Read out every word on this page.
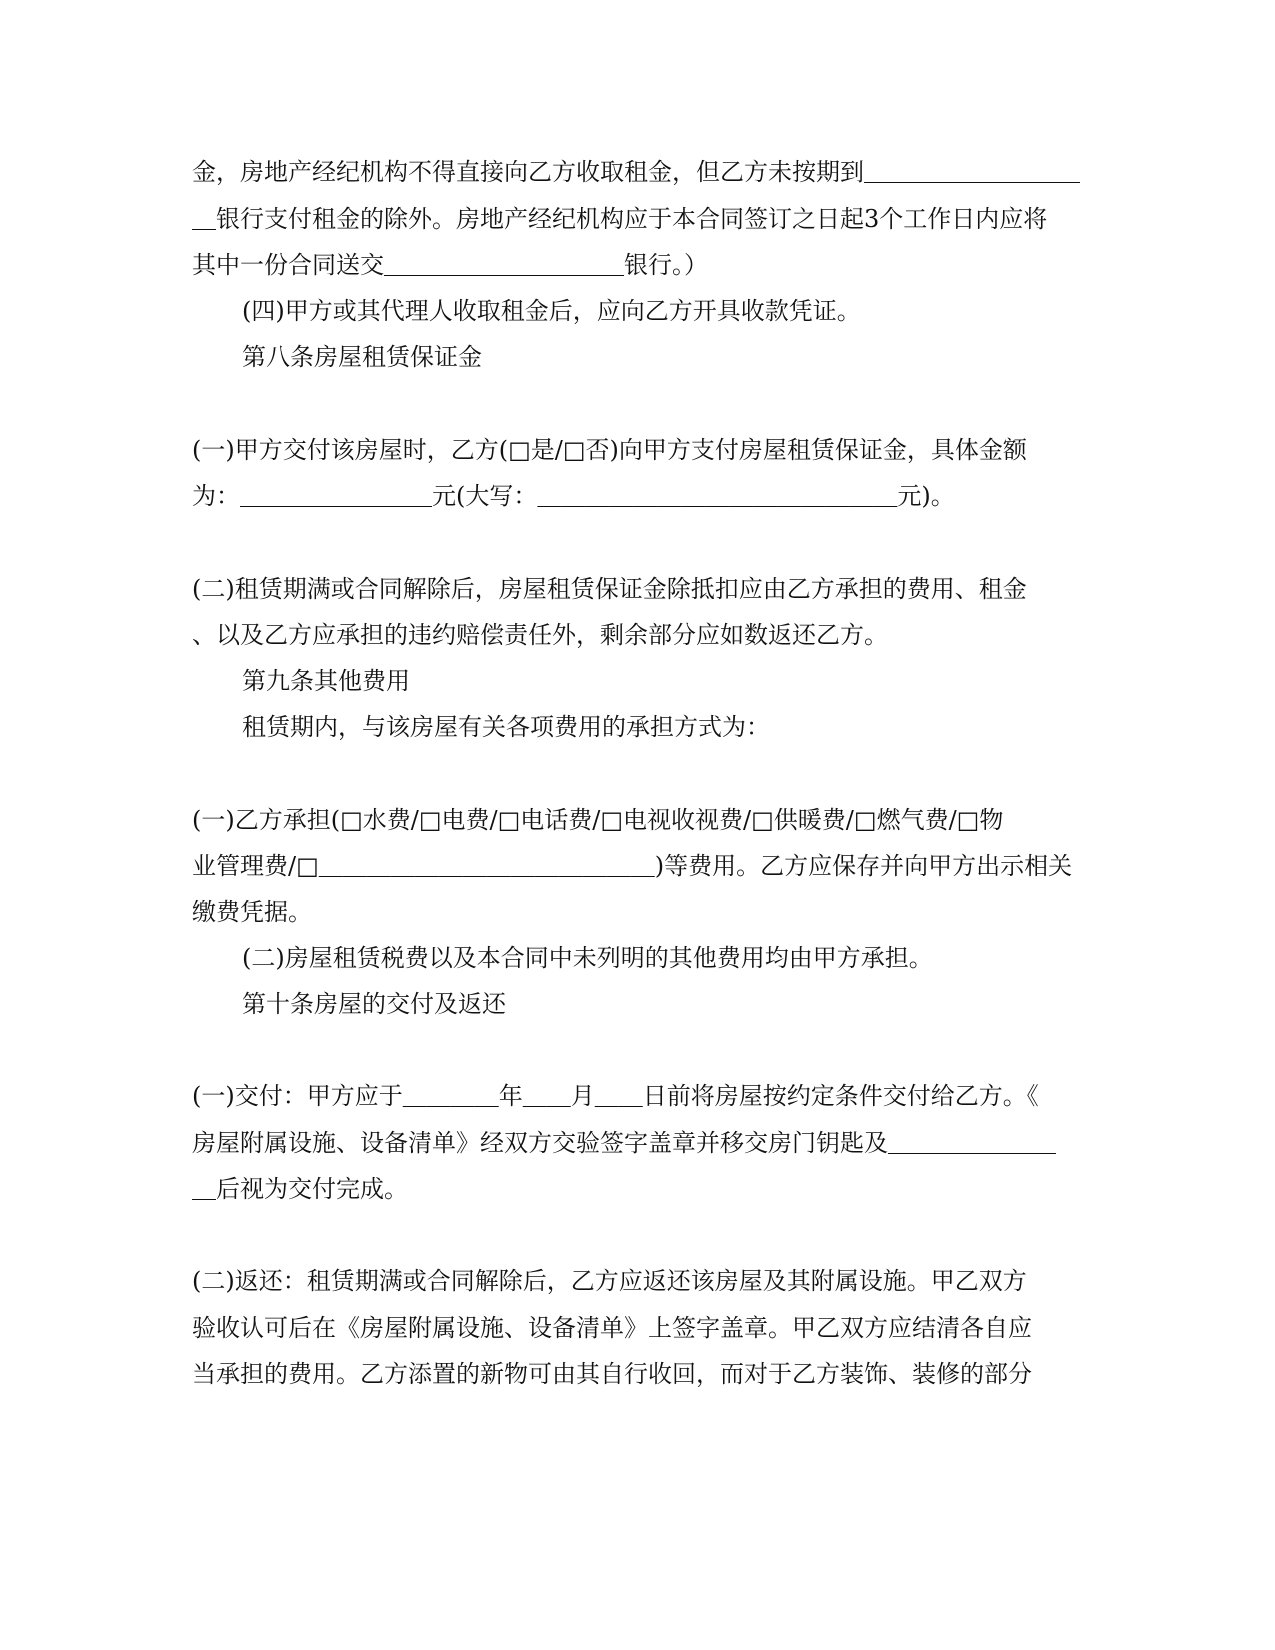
金，房地产经纪机构不得直接向乙方收取租金，但乙方未按期到＿＿＿＿＿＿＿＿＿
＿银行支付租金的除外。房地产经纪机构应于本合同签订之日起3个工作日内应将
其中一份合同送交＿＿＿＿＿＿＿＿＿＿银行。）
(四)甲方或其代理人收取租金后，应向乙方开具收款凭证。
第八条房屋租赁保证金
(一)甲方交付该房屋时，乙方(□是/□否)向甲方支付房屋租赁保证金，具体金额
为：＿＿＿＿＿＿＿＿元(大写：＿＿＿＿＿＿＿＿＿＿＿＿＿＿＿元)。
(二)租赁期满或合同解除后，房屋租赁保证金除抵扣应由乙方承担的费用、租金
、以及乙方应承担的违约赔偿责任外，剩余部分应如数返还乙方。
第九条其他费用
租赁期内，与该房屋有关各项费用的承担方式为：
(一)乙方承担(□水费/□电费/□电话费/□电视收视费/□供暖费/□燃气费/□物
业管理费/□＿＿＿＿＿＿＿＿＿＿＿＿＿＿)等费用。乙方应保存并向甲方出示相关
缴费凭据。
(二)房屋租赁税费以及本合同中未列明的其他费用均由甲方承担。
第十条房屋的交付及返还
(一)交付：甲方应于＿＿＿＿年＿＿月＿＿日前将房屋按约定条件交付给乙方。《
房屋附属设施、设备清单》经双方交验签字盖章并移交房门钥匙及＿＿＿＿＿＿＿
＿后视为交付完成。
(二)返还：租赁期满或合同解除后，乙方应返还该房屋及其附属设施。甲乙双方
验收认可后在《房屋附属设施、设备清单》上签字盖章。甲乙双方应结清各自应
当承担的费用。乙方添置的新物可由其自行收回，而对于乙方装饰、装修的部分
